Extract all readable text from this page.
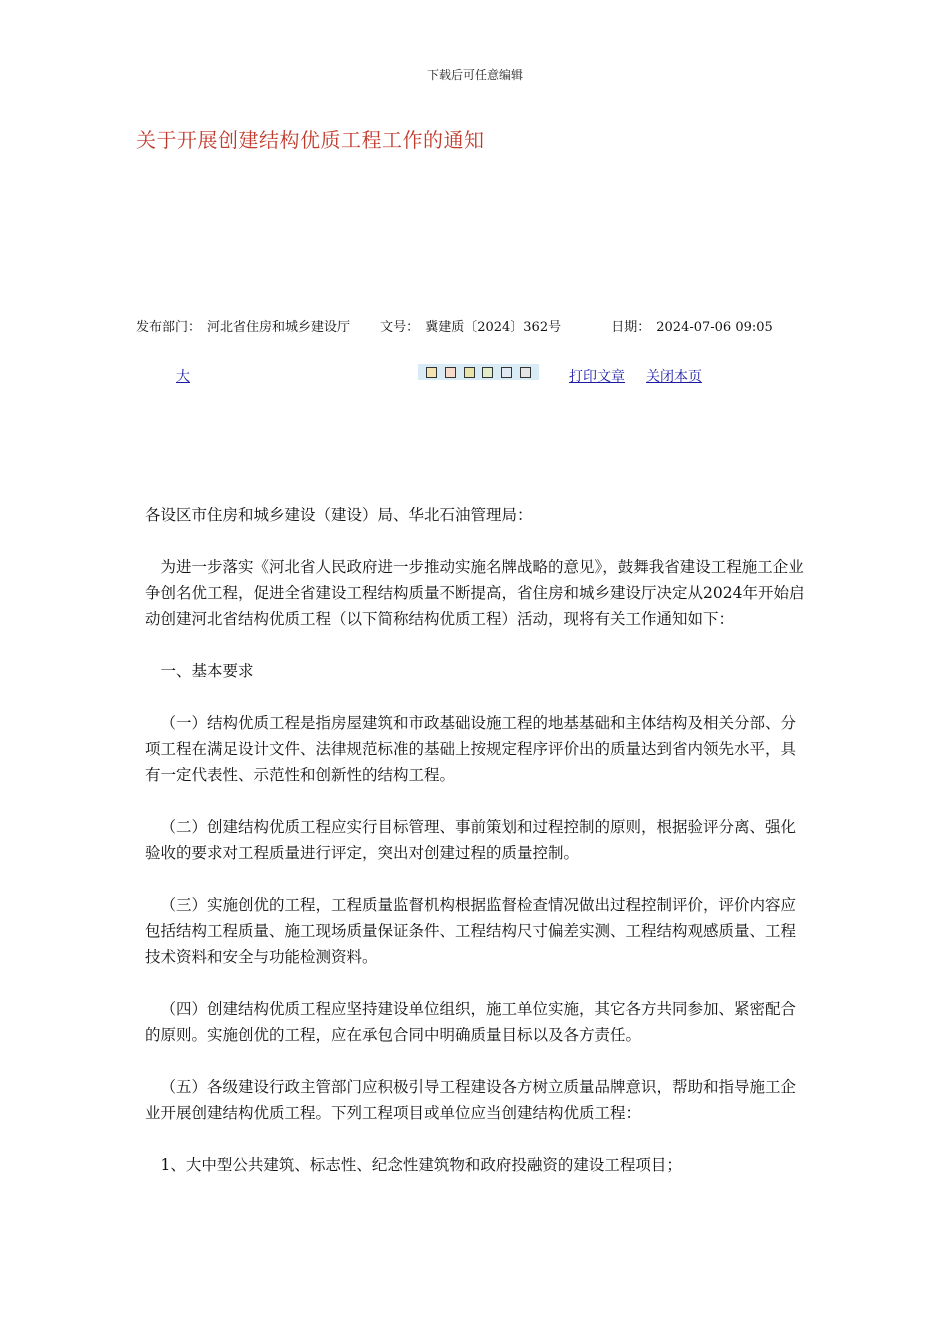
下载后可任意编辑
关于开展创建结构优质工程工作的通知
发布部门： 河北省住房和城乡建设厅 文号： 冀建质〔2024〕362号	日期： 2024-07-06 09:05
大	打印文章 关闭本页

各设区市住房和城乡建设（建设）局、华北石油管理局：

为进一步落实《河北省人民政府进一步推动实施名牌战略的意见》，鼓舞我省建设工程施工企业争创名优工程，促进全省建设工程结构质量不断提高，省住房和城乡建设厅决定从2024年开始启动创建河北省结构优质工程（以下简称结构优质工程）活动，现将有关工作通知如下：

一、基本要求

（一）结构优质工程是指房屋建筑和市政基础设施工程的地基基础和主体结构及相关分部、分项工程在满足设计文件、法律规范标准的基础上按规定程序评价出的质量达到省内领先水平，具有一定代表性、示范性和创新性的结构工程。

（二）创建结构优质工程应实行目标管理、事前策划和过程控制的原则，根据验评分离、强化验收的要求对工程质量进行评定，突出对创建过程的质量控制。

（三）实施创优的工程，工程质量监督机构根据监督检查情况做出过程控制评价，评价内容应包括结构工程质量、施工现场质量保证条件、工程结构尺寸偏差实测、工程结构观感质量、工程技术资料和安全与功能检测资料。

（四）创建结构优质工程应坚持建设单位组织，施工单位实施，其它各方共同参加、紧密配合的原则。实施创优的工程，应在承包合同中明确质量目标以及各方责任。

（五）各级建设行政主管部门应积极引导工程建设各方树立质量品牌意识，帮助和指导施工企业开展创建结构优质工程。下列工程项目或单位应当创建结构优质工程：

1、大中型公共建筑、标志性、纪念性建筑物和政府投融资的建设工程项目；
